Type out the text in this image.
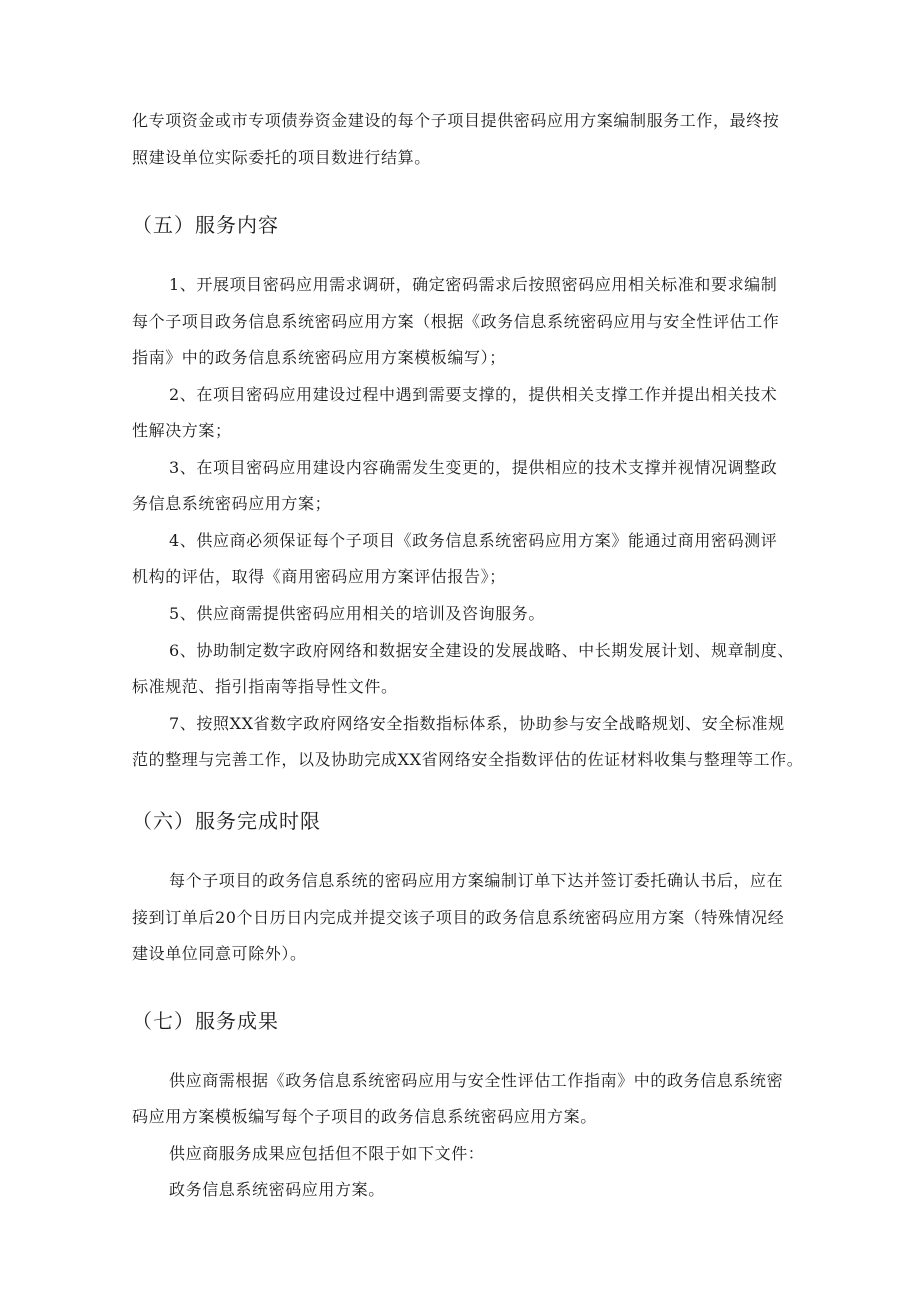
化专项资金或市专项债券资金建设的每个子项目提供密码应用方案编制服务工作，最终按
照建设单位实际委托的项目数进行结算。
（五）服务内容
1、开展项目密码应用需求调研，确定密码需求后按照密码应用相关标准和要求编制
每个子项目政务信息系统密码应用方案（根据《政务信息系统密码应用与安全性评估工作
指南》中的政务信息系统密码应用方案模板编写）；
2、在项目密码应用建设过程中遇到需要支撑的，提供相关支撑工作并提出相关技术
性解决方案；
3、在项目密码应用建设内容确需发生变更的，提供相应的技术支撑并视情况调整政
务信息系统密码应用方案；
4、供应商必须保证每个子项目《政务信息系统密码应用方案》能通过商用密码测评
机构的评估，取得《商用密码应用方案评估报告》；
5、供应商需提供密码应用相关的培训及咨询服务。
6、协助制定数字政府网络和数据安全建设的发展战略、中长期发展计划、规章制度、
标准规范、指引指南等指导性文件。
7、按照XX省数字政府网络安全指数指标体系，协助参与安全战略规划、安全标准规
范的整理与完善工作，以及协助完成XX省网络安全指数评估的佐证材料收集与整理等工作。
（六）服务完成时限
每个子项目的政务信息系统的密码应用方案编制订单下达并签订委托确认书后，应在
接到订单后20个日历日内完成并提交该子项目的政务信息系统密码应用方案（特殊情况经
建设单位同意可除外）。
（七）服务成果
供应商需根据《政务信息系统密码应用与安全性评估工作指南》中的政务信息系统密
码应用方案模板编写每个子项目的政务信息系统密码应用方案。
供应商服务成果应包括但不限于如下文件：
政务信息系统密码应用方案。
